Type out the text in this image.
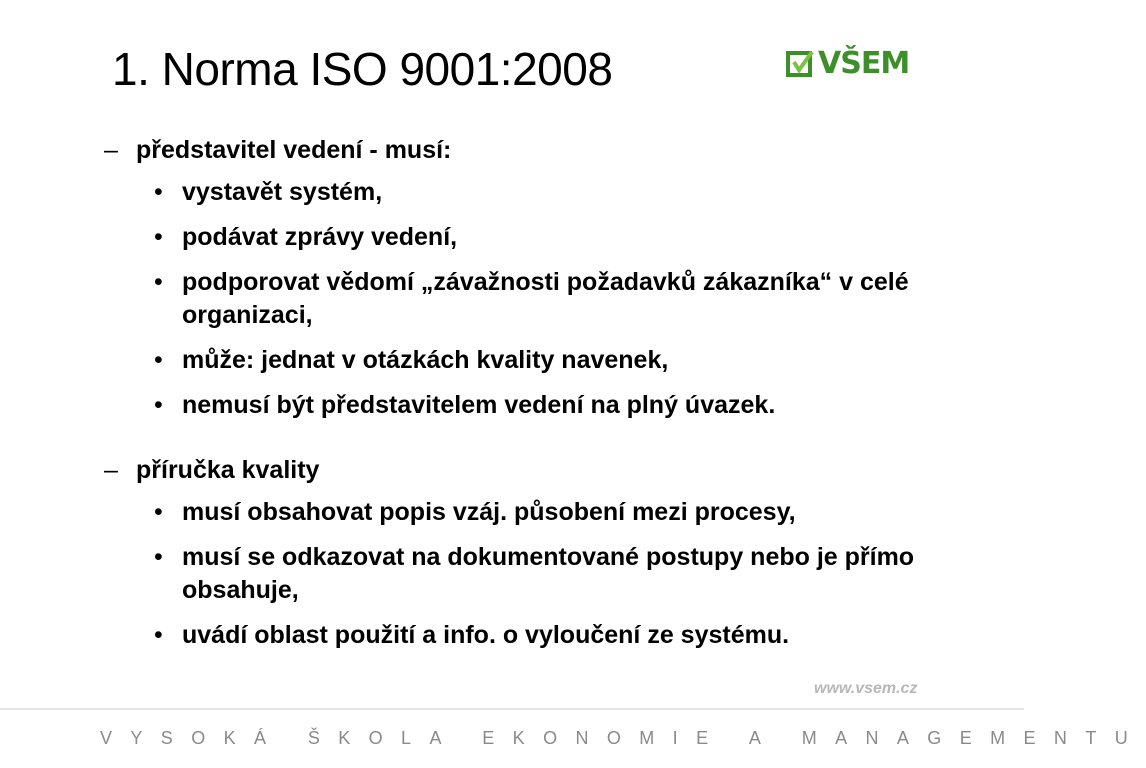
1. Norma ISO 9001:2008	VŠEM
– představitel vedení - musí:
• vystavět systém,
• podávat zprávy vedení,
• podporovat vědomí „závažnosti požadavků zákazníka“ v celé organizaci,
• může: jednat v otázkách kvality navenek,
• nemusí být představitelem vedení na plný úvazek.
– příručka kvality
• musí obsahovat popis vzáj. působení mezi procesy,
• musí se odkazovat na dokumentované postupy nebo je přímo obsahuje,
• uvádí oblast použití a info. o vyloučení ze systému.
www.vsem.cz
VYSOKÁ ŠKOLA EKONOMIE A MANAGEMENTU
